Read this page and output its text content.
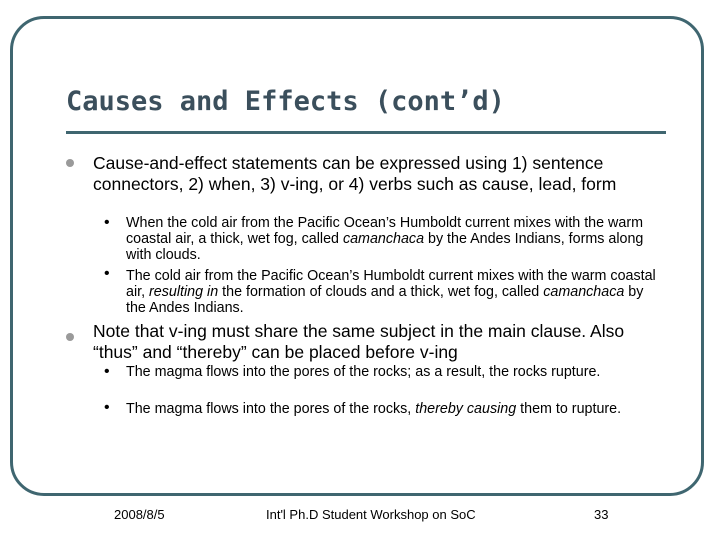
Causes and Effects (cont’d)

Cause-and-effect statements can be expressed using 1) sentence connectors, 2) when, 3) v-ing, or 4) verbs such as cause, lead, form

• When the cold air from the Pacific Ocean’s Humboldt current mixes with the warm coastal air, a thick, wet fog, called camanchaca by the Andes Indians, forms along with clouds.

• The cold air from the Pacific Ocean’s Humboldt current mixes with the warm coastal air, resulting in the formation of clouds and a thick, wet fog, called camanchaca by the Andes Indians.

Note that v-ing must share the same subject in the main clause. Also “thus” and “thereby” can be placed before v-ing

• The magma flows into the pores of the rocks; as a result, the rocks rupture.

• The magma flows into the pores of the rocks, thereby causing them to rupture.

2008/8/5	Int'l Ph.D Student Workshop on SoC	33
